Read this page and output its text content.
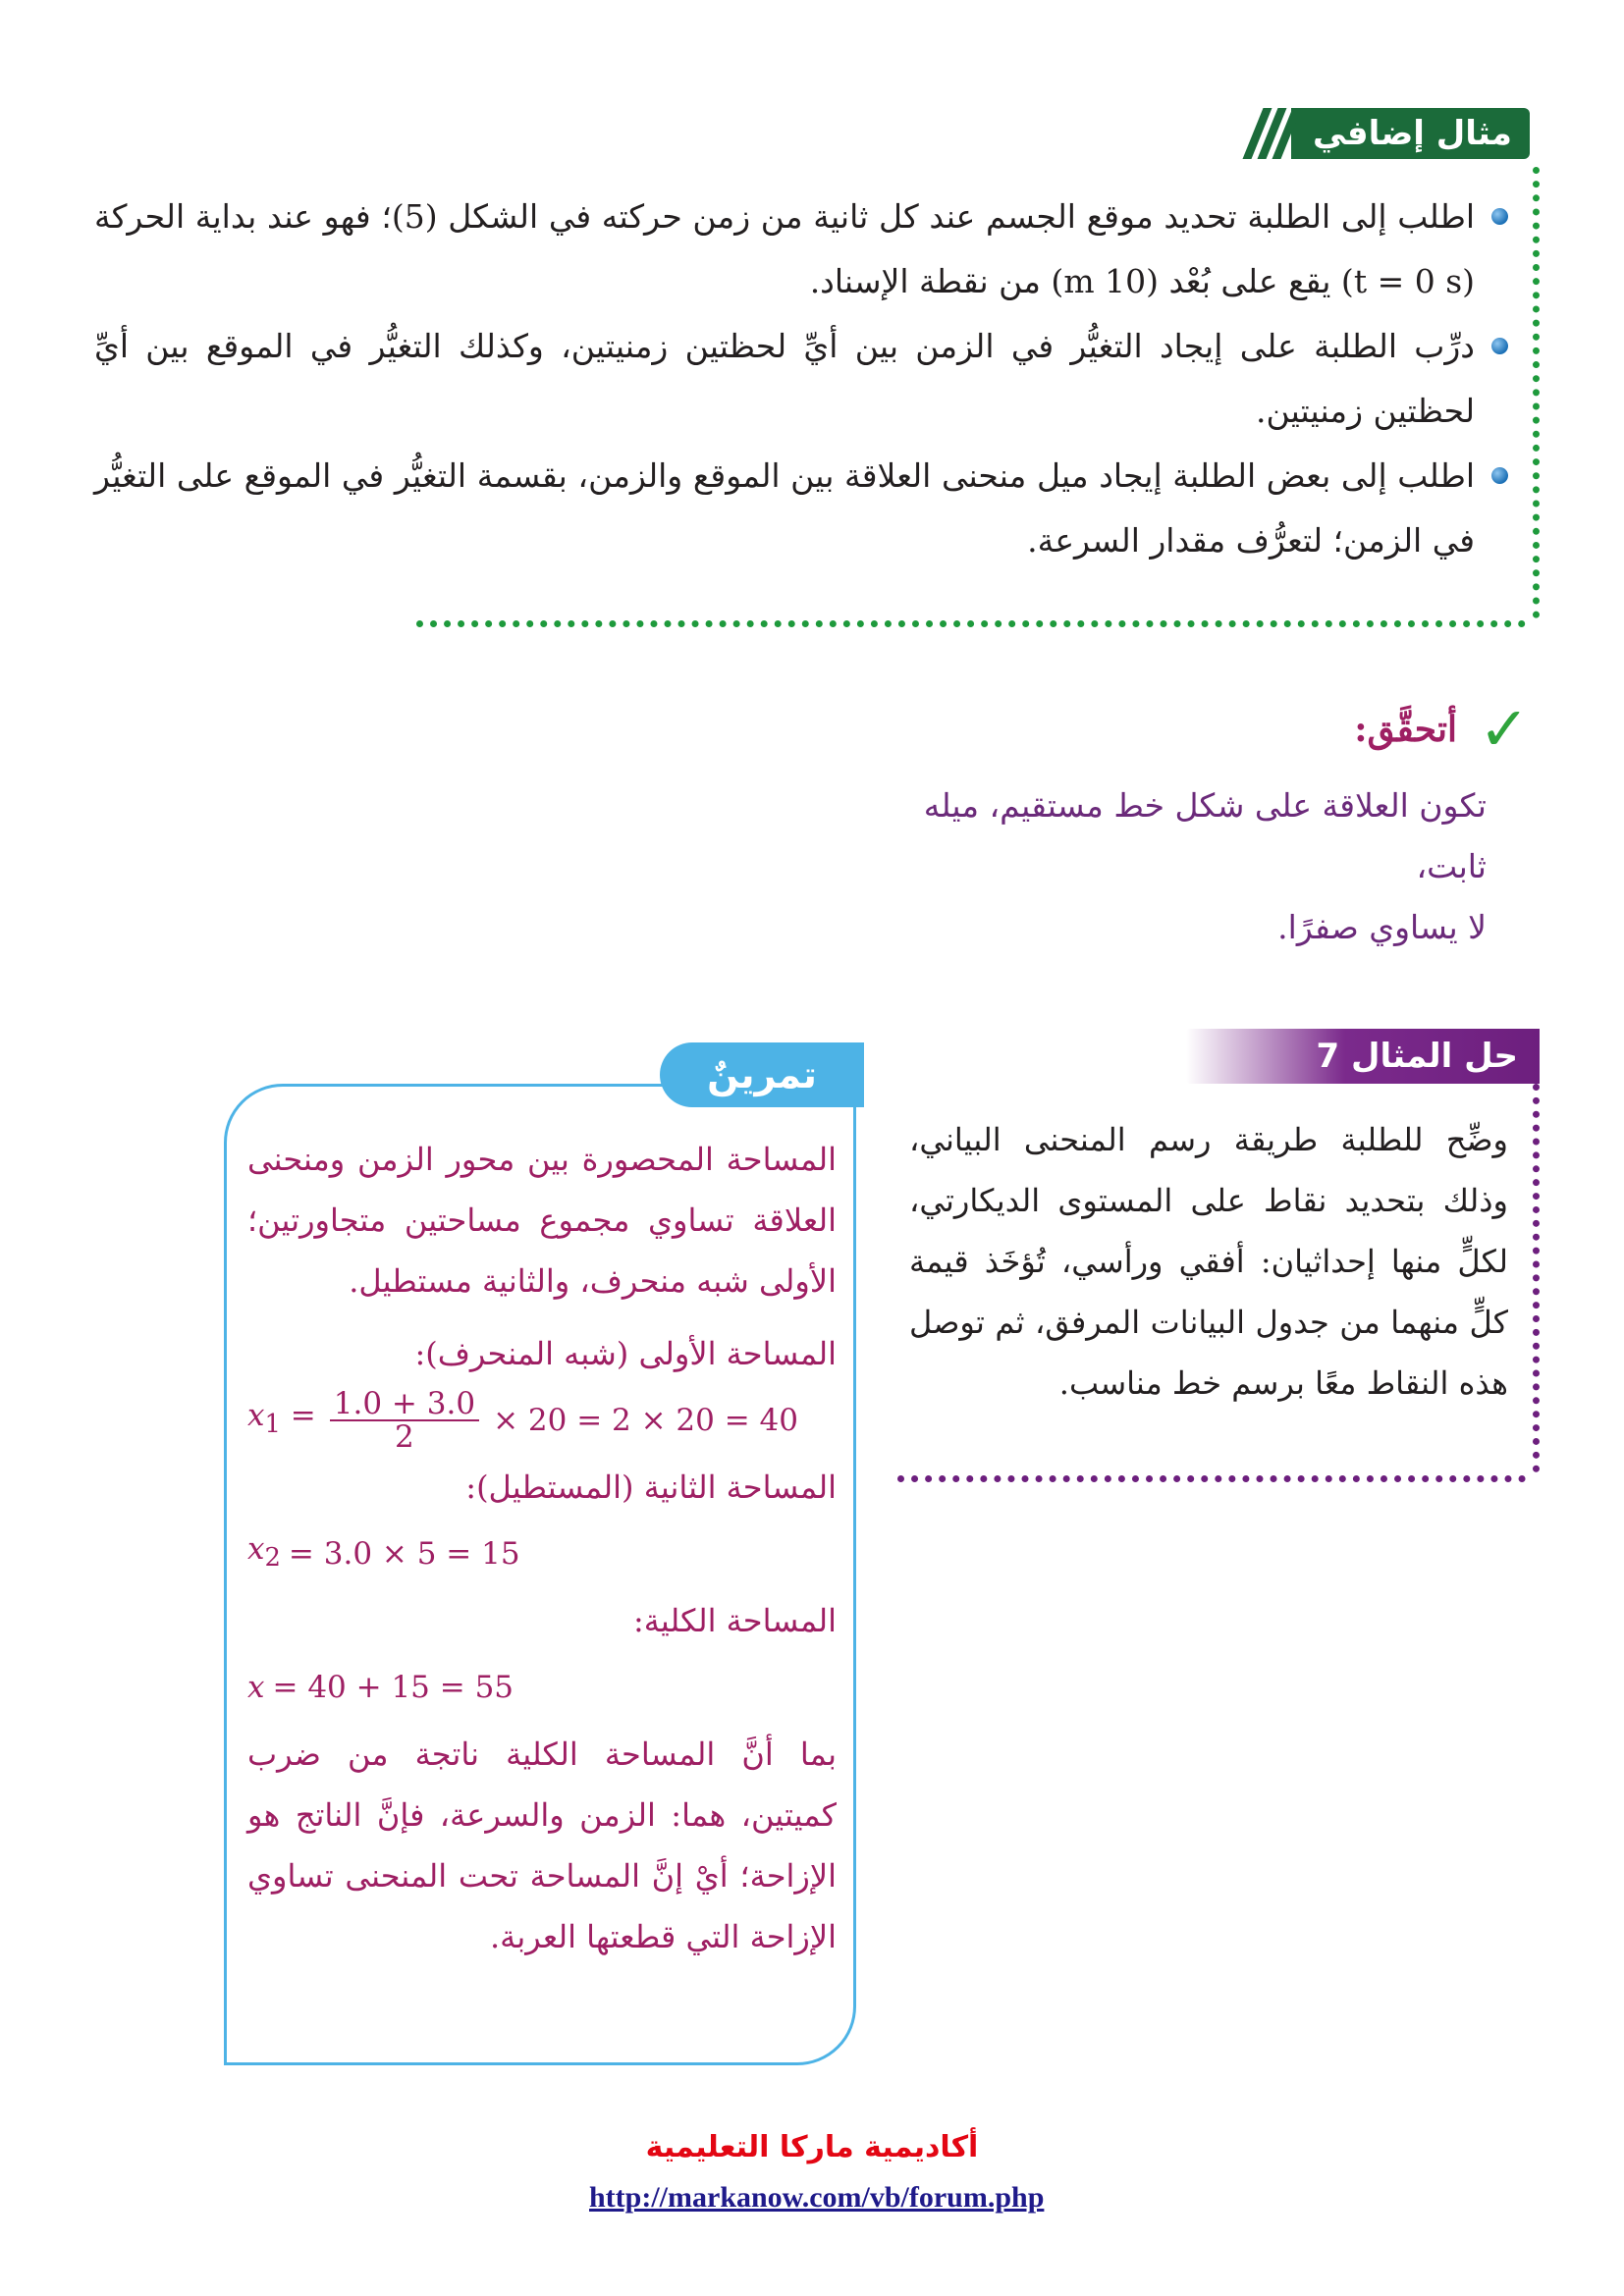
مثال إضافي
اطلب إلى الطلبة تحديد موقع الجسم عند كل ثانية من زمن حركته في الشكل (5)؛ فهو عند بداية الحركة (t = 0 s) يقع على بُعْد (10 m) من نقطة الإسناد.
درِّب الطلبة على إيجاد التغيُّر في الزمن بين أيِّ لحظتين زمنيتين، وكذلك التغيُّر في الموقع بين أيِّ لحظتين زمنيتين.
اطلب إلى بعض الطلبة إيجاد ميل منحنى العلاقة بين الموقع والزمن، بقسمة التغيُّر في الموقع على التغيُّر في الزمن؛ لتعرُّف مقدار السرعة.
✓
أتحقَّق:
تكون العلاقة على شكل خط مستقيم، ميله ثابت،
لا يساوي صفرًا.
حل المثال 7
وضِّح للطلبة طريقة رسم المنحنى البياني، وذلك بتحديد نقاط على المستوى الديكارتي، لكلٍّ منها إحداثيان: أفقي ورأسي، تُؤخَذ قيمة كلٍّ منهما من جدول البيانات المرفق، ثم توصل هذه النقاط معًا برسم خط مناسب.
تمرينٌ

المساحة المحصورة بين محور الزمن ومنحنى العلاقة تساوي مجموع مساحتين متجاورتين؛ الأولى شبه منحرف، والثانية مستطيل.

المساحة الأولى (شبه المنحرف):

$x_1 = \frac{1.0 + 3.0}{2} \times 20 = 2 \times 20 = 40$

المساحة الثانية (المستطيل):

$x_2 = 3.0 \times 5 = 15$

المساحة الكلية:

x = 40 + 15 = 55

بما أنَّ المساحة الكلية ناتجة من ضرب كميتين، هما: الزمن والسرعة، فإنَّ الناتج هو الإزاحة؛ أيْ إنَّ المساحة تحت المنحنى تساوي الإزاحة التي قطعتها العربة.

أكاديمية ماركا التعليمية
http://markanow.com/vb/forum.php
